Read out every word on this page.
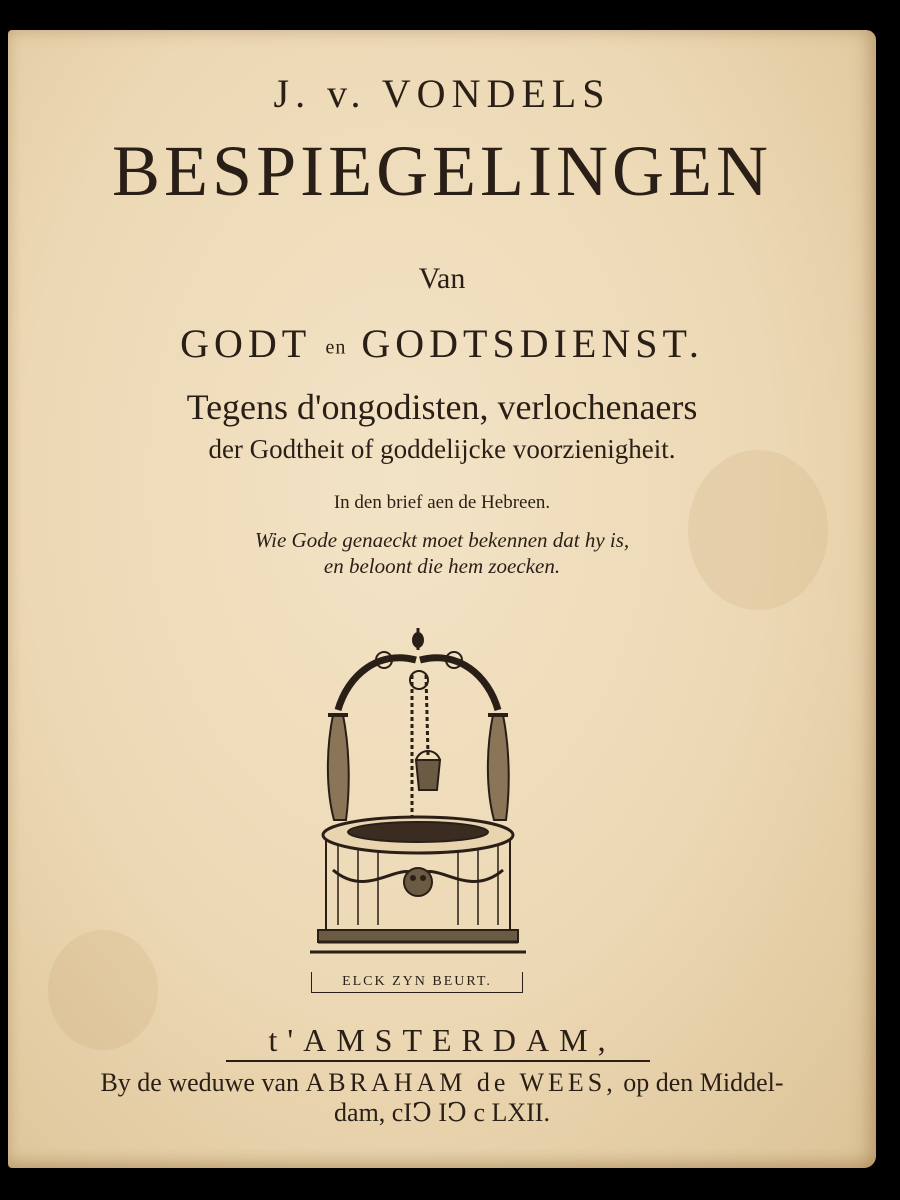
J. v. VONDELS
BESPIEGELINGEN
Van
GODT en GODTSDIENST.
Tegens d'ongodisten, verlochenaers
der Godtheit of goddelijcke voorzienigheit.
In den brief aen de Hebreen.
Wie Gode genaeckt moet bekennen dat hy is,
en beloont die hem zoecken.
ELCK ZYN BEURT.
t'AMSTERDAM,
By de weduwe van ABRAHAM de WEES, op den Middel-
dam, cIↃ IↃ c LXII.
